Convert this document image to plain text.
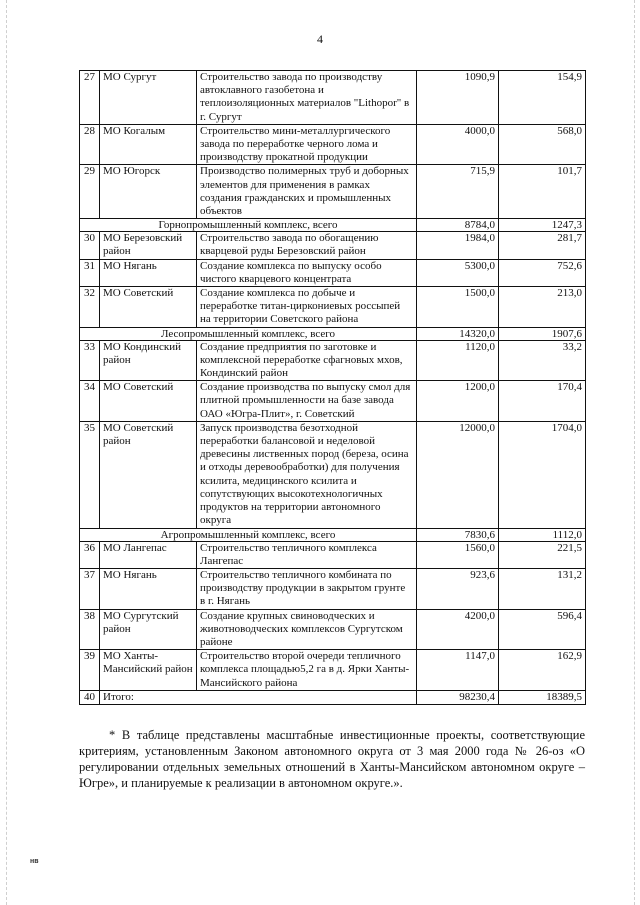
4
27	МО Сургут	Строительство завода по производству автоклавного газобетона и теплоизоляционных материалов "Lithopor" в г. Сургут	1090,9	154,9
28	МО Когалым	Строительство мини-металлургического завода по переработке черного лома и производству прокатной продукции	4000,0	568,0
29	МО Югорск	Производство полимерных труб и доборных элементов для применения в рамках создания гражданских и промышленных объектов	715,9	101,7
Горнопромышленный комплекс, всего			8784,0	1247,3
30	МО Березовский район	Строительство завода по обогащению кварцевой руды Березовский район	1984,0	281,7
31	МО Нягань	Создание комплекса по выпуску особо чистого кварцевого концентрата	5300,0	752,6
32	МО Советский	Создание комплекса по добыче и переработке титан-циркониевых россыпей на территории Советского района	1500,0	213,0
Лесопромышленный комплекс, всего			14320,0	1907,6
33	МО Кондинский район	Создание предприятия по заготовке и комплексной переработке сфагновых мхов, Кондинский район	1120,0	33,2
34	МО Советский	Создание производства по выпуску смол для плитной промышленности на базе завода ОАО «Югра-Плит», г. Советский	1200,0	170,4
35	МО Советский район	Запуск производства безотходной переработки балансовой и неделовой древесины лиственных пород (береза, осина и отходы деревообработки) для получения ксилита, медицинского ксилита и сопутствующих высокотехнологичных продуктов на территории автономного округа	12000,0	1704,0
Агропромышленный комплекс, всего			7830,6	1112,0
36	МО Лангепас	Строительство тепличного комплекса Лангепас	1560,0	221,5
37	МО Нягань	Строительство тепличного комбината по производству продукции в закрытом грунте в г. Нягань	923,6	131,2
38	МО Сургутский район	Создание крупных свиноводческих и животноводческих комплексов Сургутском районе	4200,0	596,4
39	МО Ханты-Мансийский район	Строительство второй очереди тепличного комплекса площадью5,2 га в д. Ярки Ханты-Мансийского района	1147,0	162,9
40	Итого:		98230,4	18389,5

* В таблице представлены масштабные инвестиционные проекты, соответствующие критериям, установленным Законом автономного округа от 3 мая 2000 года № 26-оз «О регулировании отдельных земельных отношений в Ханты-Мансийском автономном округе – Югре», и планируемые к реализации в автономном округе.».

нв
